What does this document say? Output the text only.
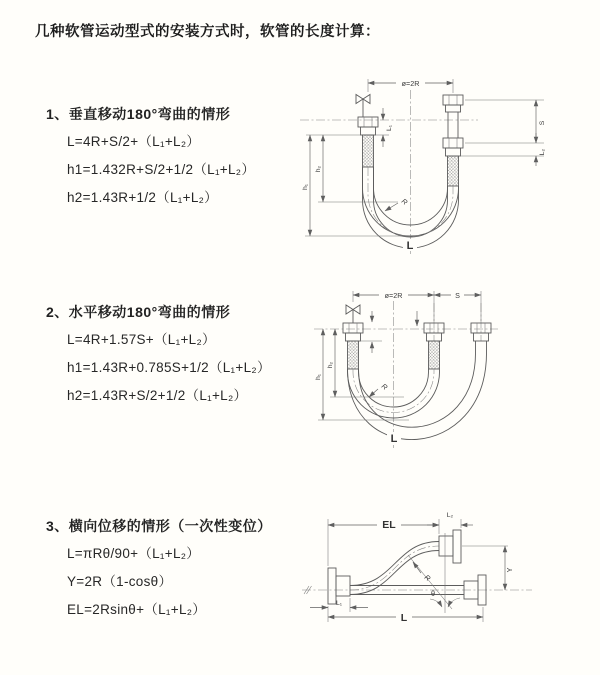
几种软管运动型式的安装方式时，软管的长度计算：
1、垂直移动180°弯曲的情形
L=4R+S/2+（L₁+L₂）
h1=1.432R+S/2+1/2（L₁+L₂）
h2=1.43R+1/2（L₁+L₂）
ø=2R
h₁
h₂
L₁
S
L₂
R
L
2、水平移动180°弯曲的情形
L=4R+1.57S+（L₁+L₂）
h1=1.43R+0.785S+1/2（L₁+L₂）
h2=1.43R+S/2+1/2（L₁+L₂）
ø=2R	S
h₁
h₂
R
L
3、横向位移的情形（一次性变位）
L=πRθ/90+（L₁+L₂）
Y=2R（1-cosθ）
EL=2Rsinθ+（L₁+L₂）
θ
EL
L₂
Y
L
L₁
R
